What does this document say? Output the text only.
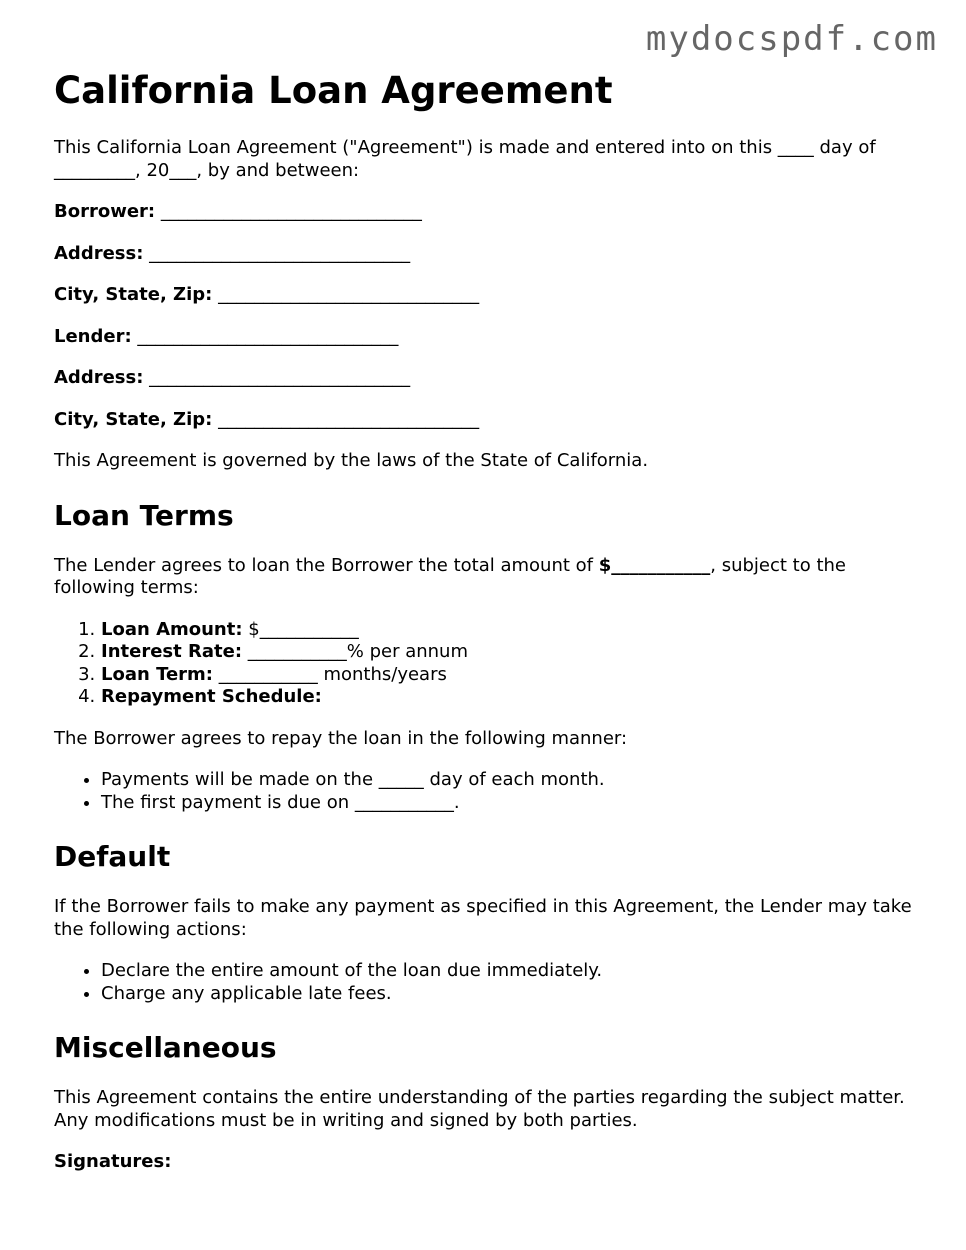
mydocspdf.com

California Loan Agreement

This California Loan Agreement ("Agreement") is made and entered into on this ____ day of _________, 20___, by and between:

Borrower: _____________________________

Address: _____________________________

City, State, Zip: _____________________________

Lender: _____________________________

Address: _____________________________

City, State, Zip: _____________________________

This Agreement is governed by the laws of the State of California.

Loan Terms

The Lender agrees to loan the Borrower the total amount of $___________, subject to the following terms:

1. Loan Amount: $___________
2. Interest Rate: ___________% per annum
3. Loan Term: ___________ months/years
4. Repayment Schedule:

The Borrower agrees to repay the loan in the following manner:

• Payments will be made on the _____ day of each month.
• The first payment is due on ___________.
Default

If the Borrower fails to make any payment as specified in this Agreement, the Lender may take the following actions:

• Declare the entire amount of the loan due immediately.
• Charge any applicable late fees.
Miscellaneous

This Agreement contains the entire understanding of the parties regarding the subject matter. Any modifications must be in writing and signed by both parties.

Signatures:
